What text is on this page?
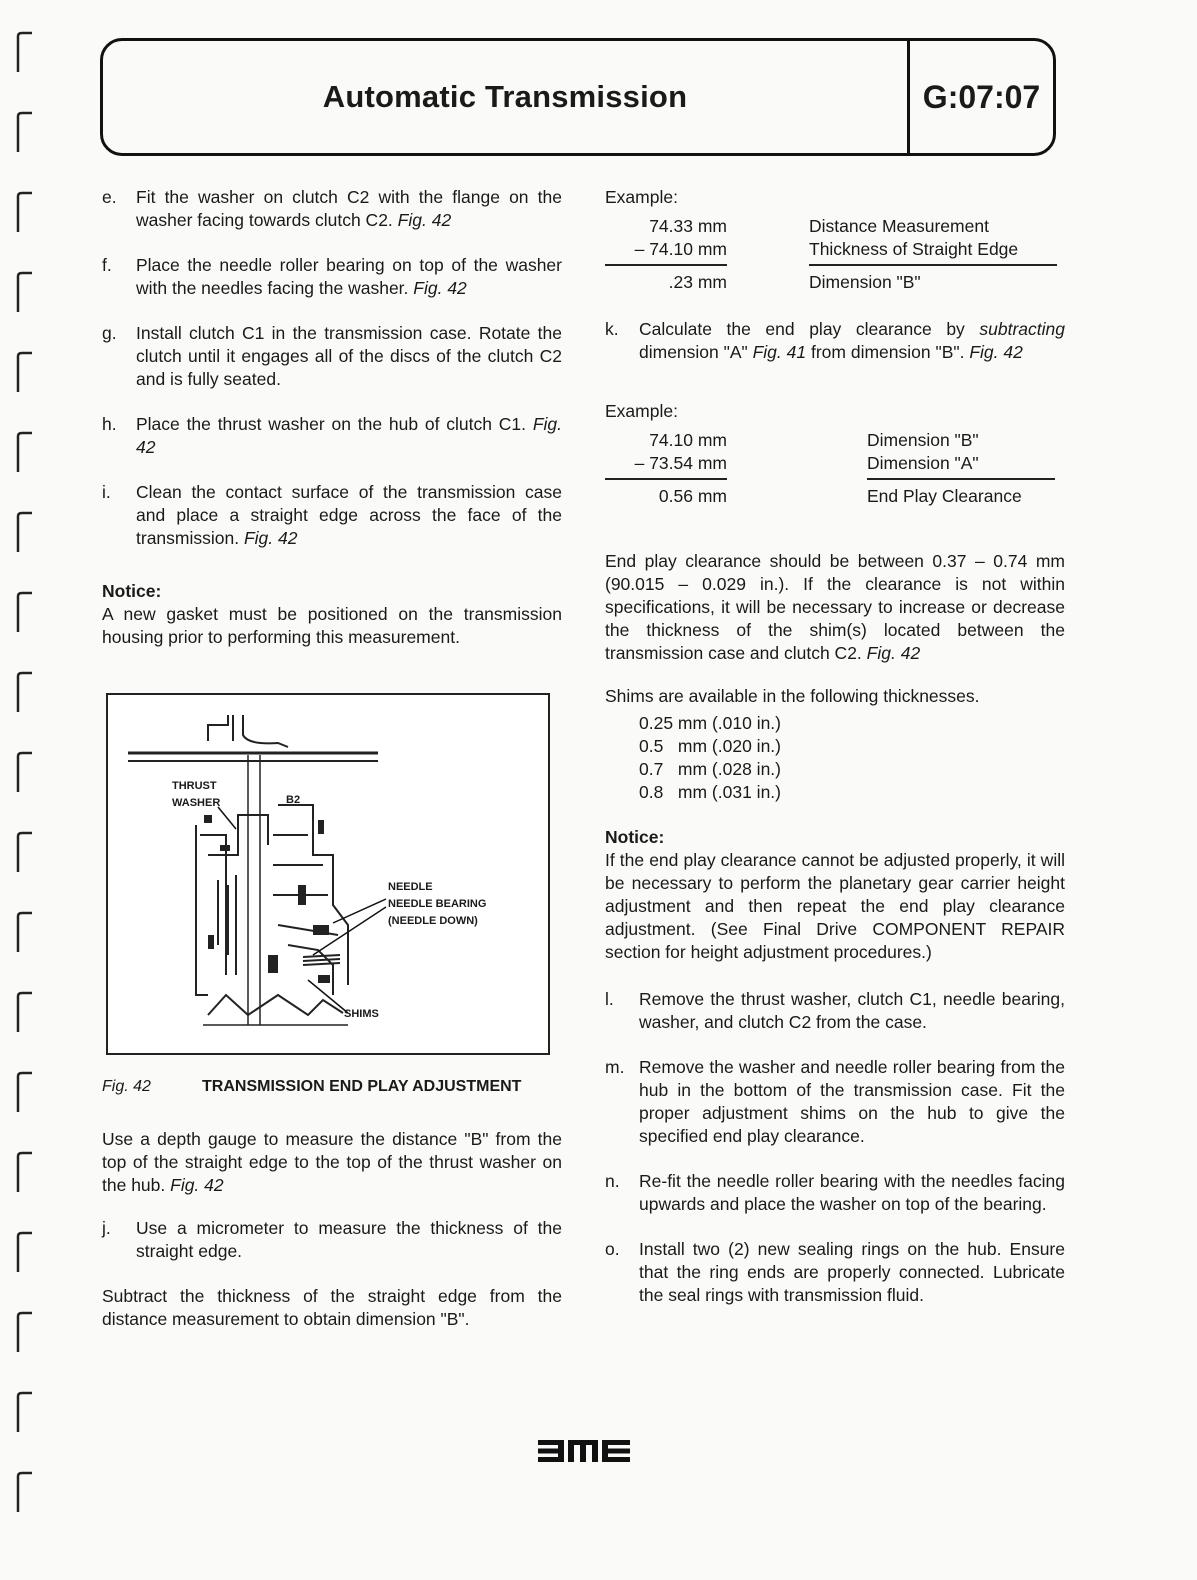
Automatic Transmission	G:07:07
e.	Fit the washer on clutch C2 with the flange on the washer facing towards clutch C2. Fig. 42
f.	Place the needle roller bearing on top of the washer with the needles facing the washer. Fig. 42
g.	Install clutch C1 in the transmission case. Rotate the clutch until it engages all of the discs of the clutch C2 and is fully seated.
h.	Place the thrust washer on the hub of clutch C1. Fig. 42
i.	Clean the contact surface of the transmission case and place a straight edge across the face of the transmission. Fig. 42
Notice:
A new gasket must be positioned on the transmission housing prior to performing this measurement.
THRUST
WASHER	B2
NEEDLE
NEEDLE BEARING
(NEEDLE DOWN)
SHIMS
Fig. 42	TRANSMISSION END PLAY ADJUSTMENT
Use a depth gauge to measure the distance "B" from the top of the straight edge to the top of the thrust washer on the hub. Fig. 42
j.	Use a micrometer to measure the thickness of the straight edge.
Subtract the thickness of the straight edge from the distance measurement to obtain dimension "B".
Example:
74.33 mm	Distance Measurement
– 74.10 mm	Thickness of Straight Edge
.23 mm	Dimension "B"
k.	Calculate the end play clearance by subtracting dimension "A" Fig. 41 from dimension "B". Fig. 42
Example:
74.10 mm	Dimension "B"
– 73.54 mm	Dimension "A"
0.56 mm	End Play Clearance
End play clearance should be between 0.37 – 0.74 mm (90.015 – 0.029 in.). If the clearance is not within specifications, it will be necessary to increase or decrease the thickness of the shim(s) located between the transmission case and clutch C2. Fig. 42
Shims are available in the following thicknesses.
0.25 mm (.010 in.)
0.5   mm (.020 in.)
0.7   mm (.028 in.)
0.8   mm (.031 in.)
Notice:
If the end play clearance cannot be adjusted properly, it will be necessary to perform the planetary gear carrier height adjustment and then repeat the end play clearance adjustment. (See Final Drive COMPONENT REPAIR section for height adjustment procedures.)
l.	Remove the thrust washer, clutch C1, needle bearing, washer, and clutch C2 from the case.
m. Remove the washer and needle roller bearing from the hub in the bottom of the transmission case. Fit the proper adjustment shims on the hub to give the specified end play clearance.
n.	Re-fit the needle roller bearing with the needles facing upwards and place the washer on top of the bearing.
o.	Install two (2) new sealing rings on the hub. Ensure that the ring ends are properly connected. Lubricate the seal rings with transmission fluid.
